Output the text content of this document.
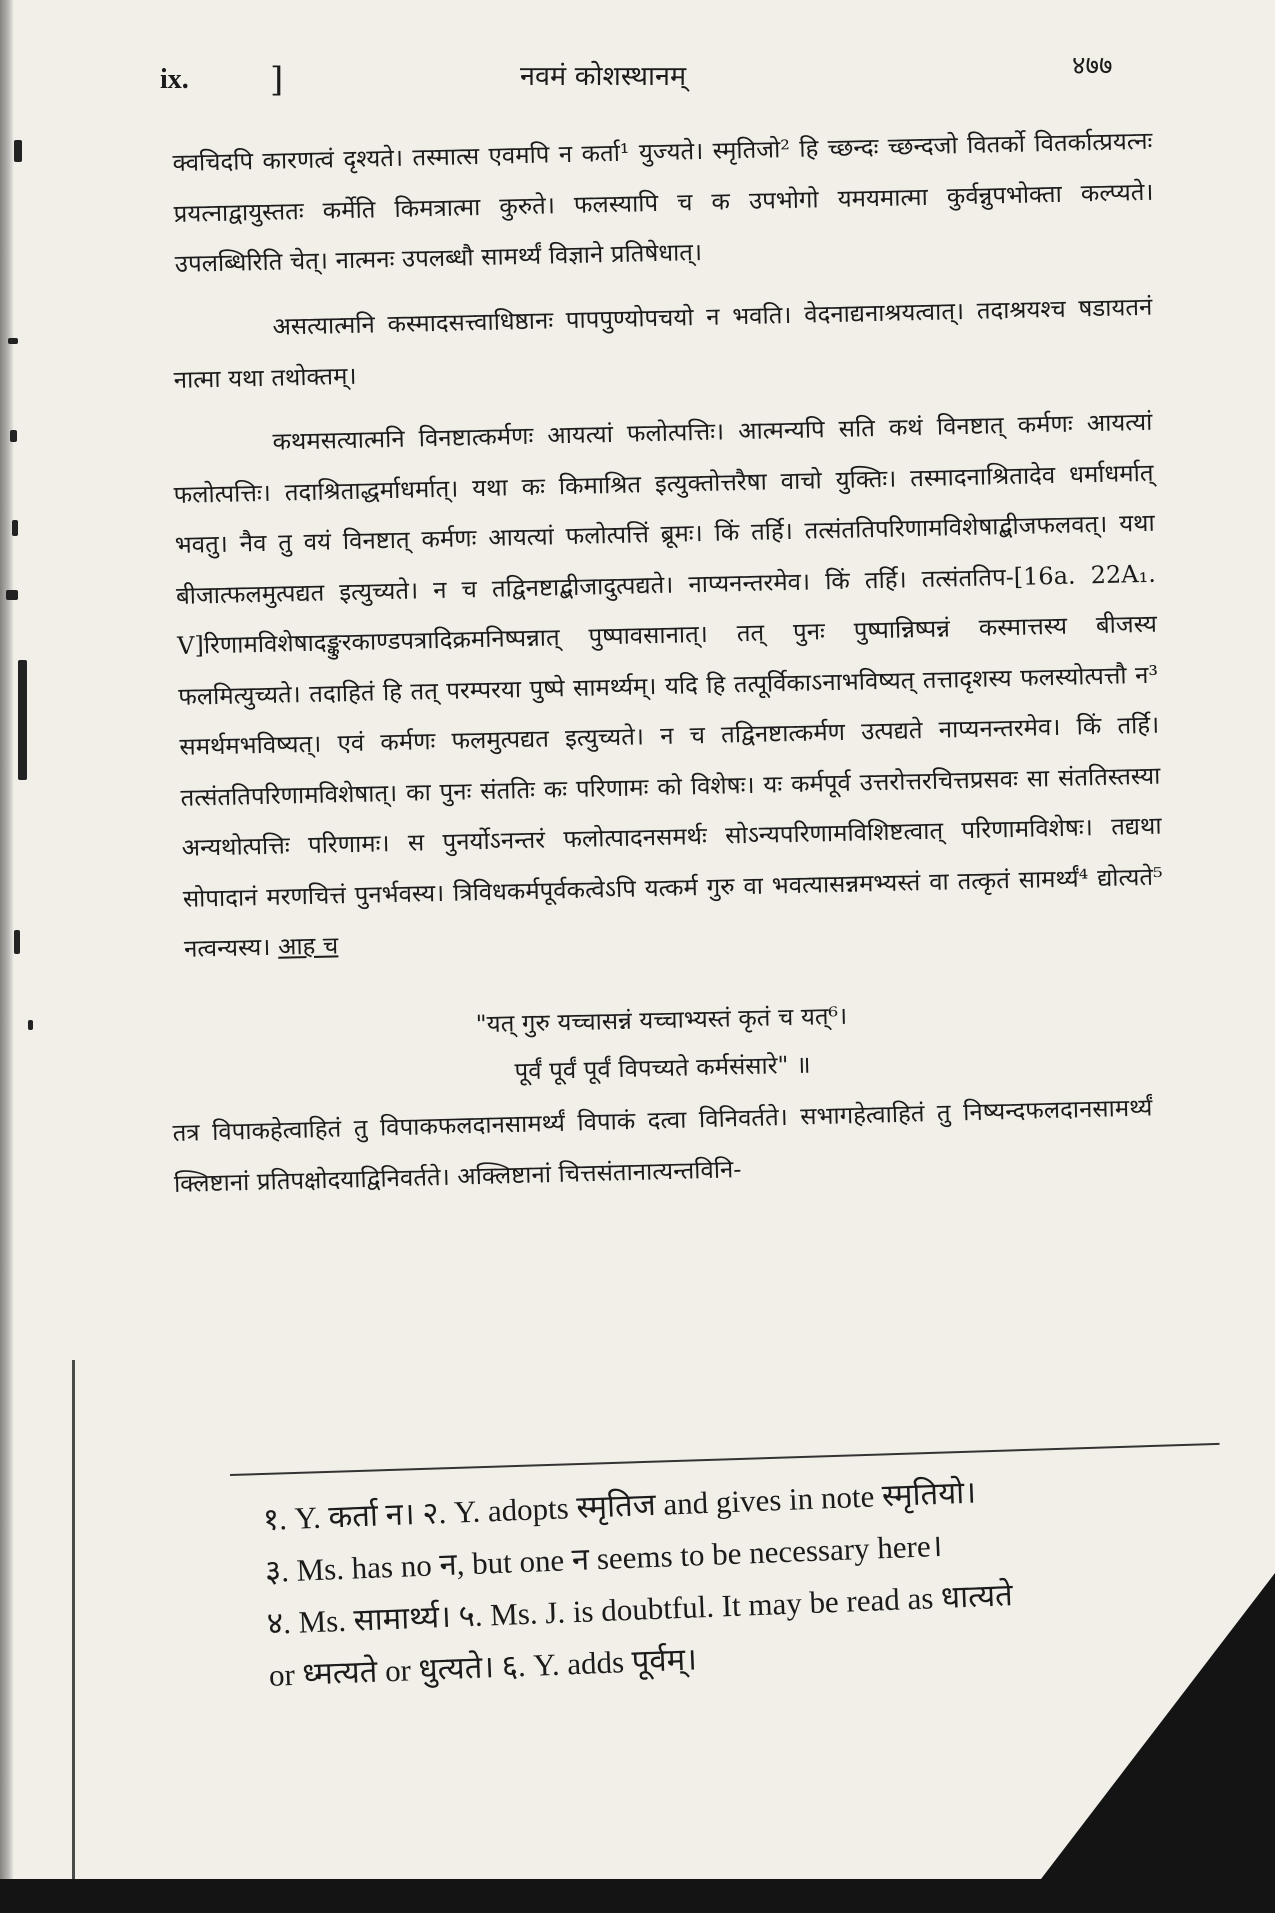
ix. ]	नवमं कोशस्थानम्	४७७

क्वचिदपि कारणत्वं दृश्यते। तस्मात्स एवमपि न कर्ता¹ युज्यते। स्मृतिजो² हि च्छन्दः च्छन्दजो वितर्को वितर्कात्प्रयत्नः प्रयत्नाद्वायुस्ततः कर्मेति किमत्रात्मा कुरुते। फलस्यापि च क उपभोगो यमयमात्मा कुर्वन्नुपभोक्ता कल्प्यते। उपलब्धिरिति चेत्। नात्मनः उपलब्धौ सामर्थ्यं विज्ञाने प्रतिषेधात्।

असत्यात्मनि कस्मादसत्त्वाधिष्ठानः पापपुण्योपचयो न भवति। वेदनाद्यनाश्रयत्वात्। तदाश्रयश्च षडायतनं नात्मा यथा तथोक्तम्।

कथमसत्यात्मनि विनष्टात्कर्मणः आयत्यां फलोत्पत्तिः। आत्मन्यपि सति कथं विनष्टात् कर्मणः आयत्यां फलोत्पत्तिः। तदाश्रिताद्धर्माधर्मात्। यथा कः किमाश्रित इत्युक्तोत्तरैषा वाचो युक्तिः। तस्मादनाश्रितादेव धर्माधर्मात् भवतु। नैव तु वयं विनष्टात् कर्मणः आयत्यां फलोत्पत्तिं ब्रूमः। किं तर्हि। तत्संततिपरिणामविशेषाद्बीजफलवत्। यथा बीजात्फलमुत्पद्यत इत्युच्यते। न च तद्विनष्टाद्बीजादुत्पद्यते। नाप्यनन्तरमेव। किं तर्हि। तत्संततिप-[16a. 22A₁. V]रिणामविशेषादङ्कुरकाण्डपत्रादिक्रमनिष्पन्नात् पुष्पावसानात्। तत् पुनः पुष्पान्निष्पन्नं कस्मात्तस्य बीजस्य फलमित्युच्यते। तदाहितं हि तत् परम्परया पुष्पे सामर्थ्यम्। यदि हि तत्पूर्विकाऽनाभविष्यत् तत्तादृशस्य फलस्योत्पत्तौ न³ समर्थमभविष्यत्। एवं कर्मणः फलमुत्पद्यत इत्युच्यते। न च तद्विनष्टात्कर्मण उत्पद्यते नाप्यनन्तरमेव। किं तर्हि। तत्संततिपरिणामविशेषात्। का पुनः संततिः कः परिणामः को विशेषः। यः कर्मपूर्व उत्तरोत्तरचित्तप्रसवः सा संततिस्तस्या अन्यथोत्पत्तिः परिणामः। स पुनर्योऽनन्तरं फलोत्पादनसमर्थः सोऽन्यपरिणामविशिष्टत्वात् परिणामविशेषः। तद्यथा सोपादानं मरणचित्तं पुनर्भवस्य। त्रिविधकर्मपूर्वकत्वेऽपि यत्कर्म गुरु वा भवत्यासन्नमभ्यस्तं वा तत्कृतं सामर्थ्यं⁴ द्योत्यते⁵ नत्वन्यस्य। आह च

"यत् गुरु यच्चासन्नं यच्चाभ्यस्तं कृतं च यत्⁶।
पूर्वं पूर्वं पूर्वं विपच्यते कर्मसंसारे" ॥

तत्र विपाकहेत्वाहितं तु विपाकफलदानसामर्थ्यं विपाकं दत्वा विनिवर्तते। सभागहेत्वाहितं तु निष्यन्दफलदानसामर्थ्यं क्लिष्टानां प्रतिपक्षोदयाद्विनिवर्तते। अक्लिष्टानां चित्तसंतानात्यन्तविनि-

१. Y. कर्ता न। २. Y. adopts स्मृतिज and gives in note स्मृतियो।
३. Ms. has no न, but one न seems to be necessary here।
४. Ms. सामार्थ्य। ५. Ms. J. is doubtful. It may be read as धात्यते
or ध्मत्यते or धुत्यते। ६. Y. adds पूर्वम्।
